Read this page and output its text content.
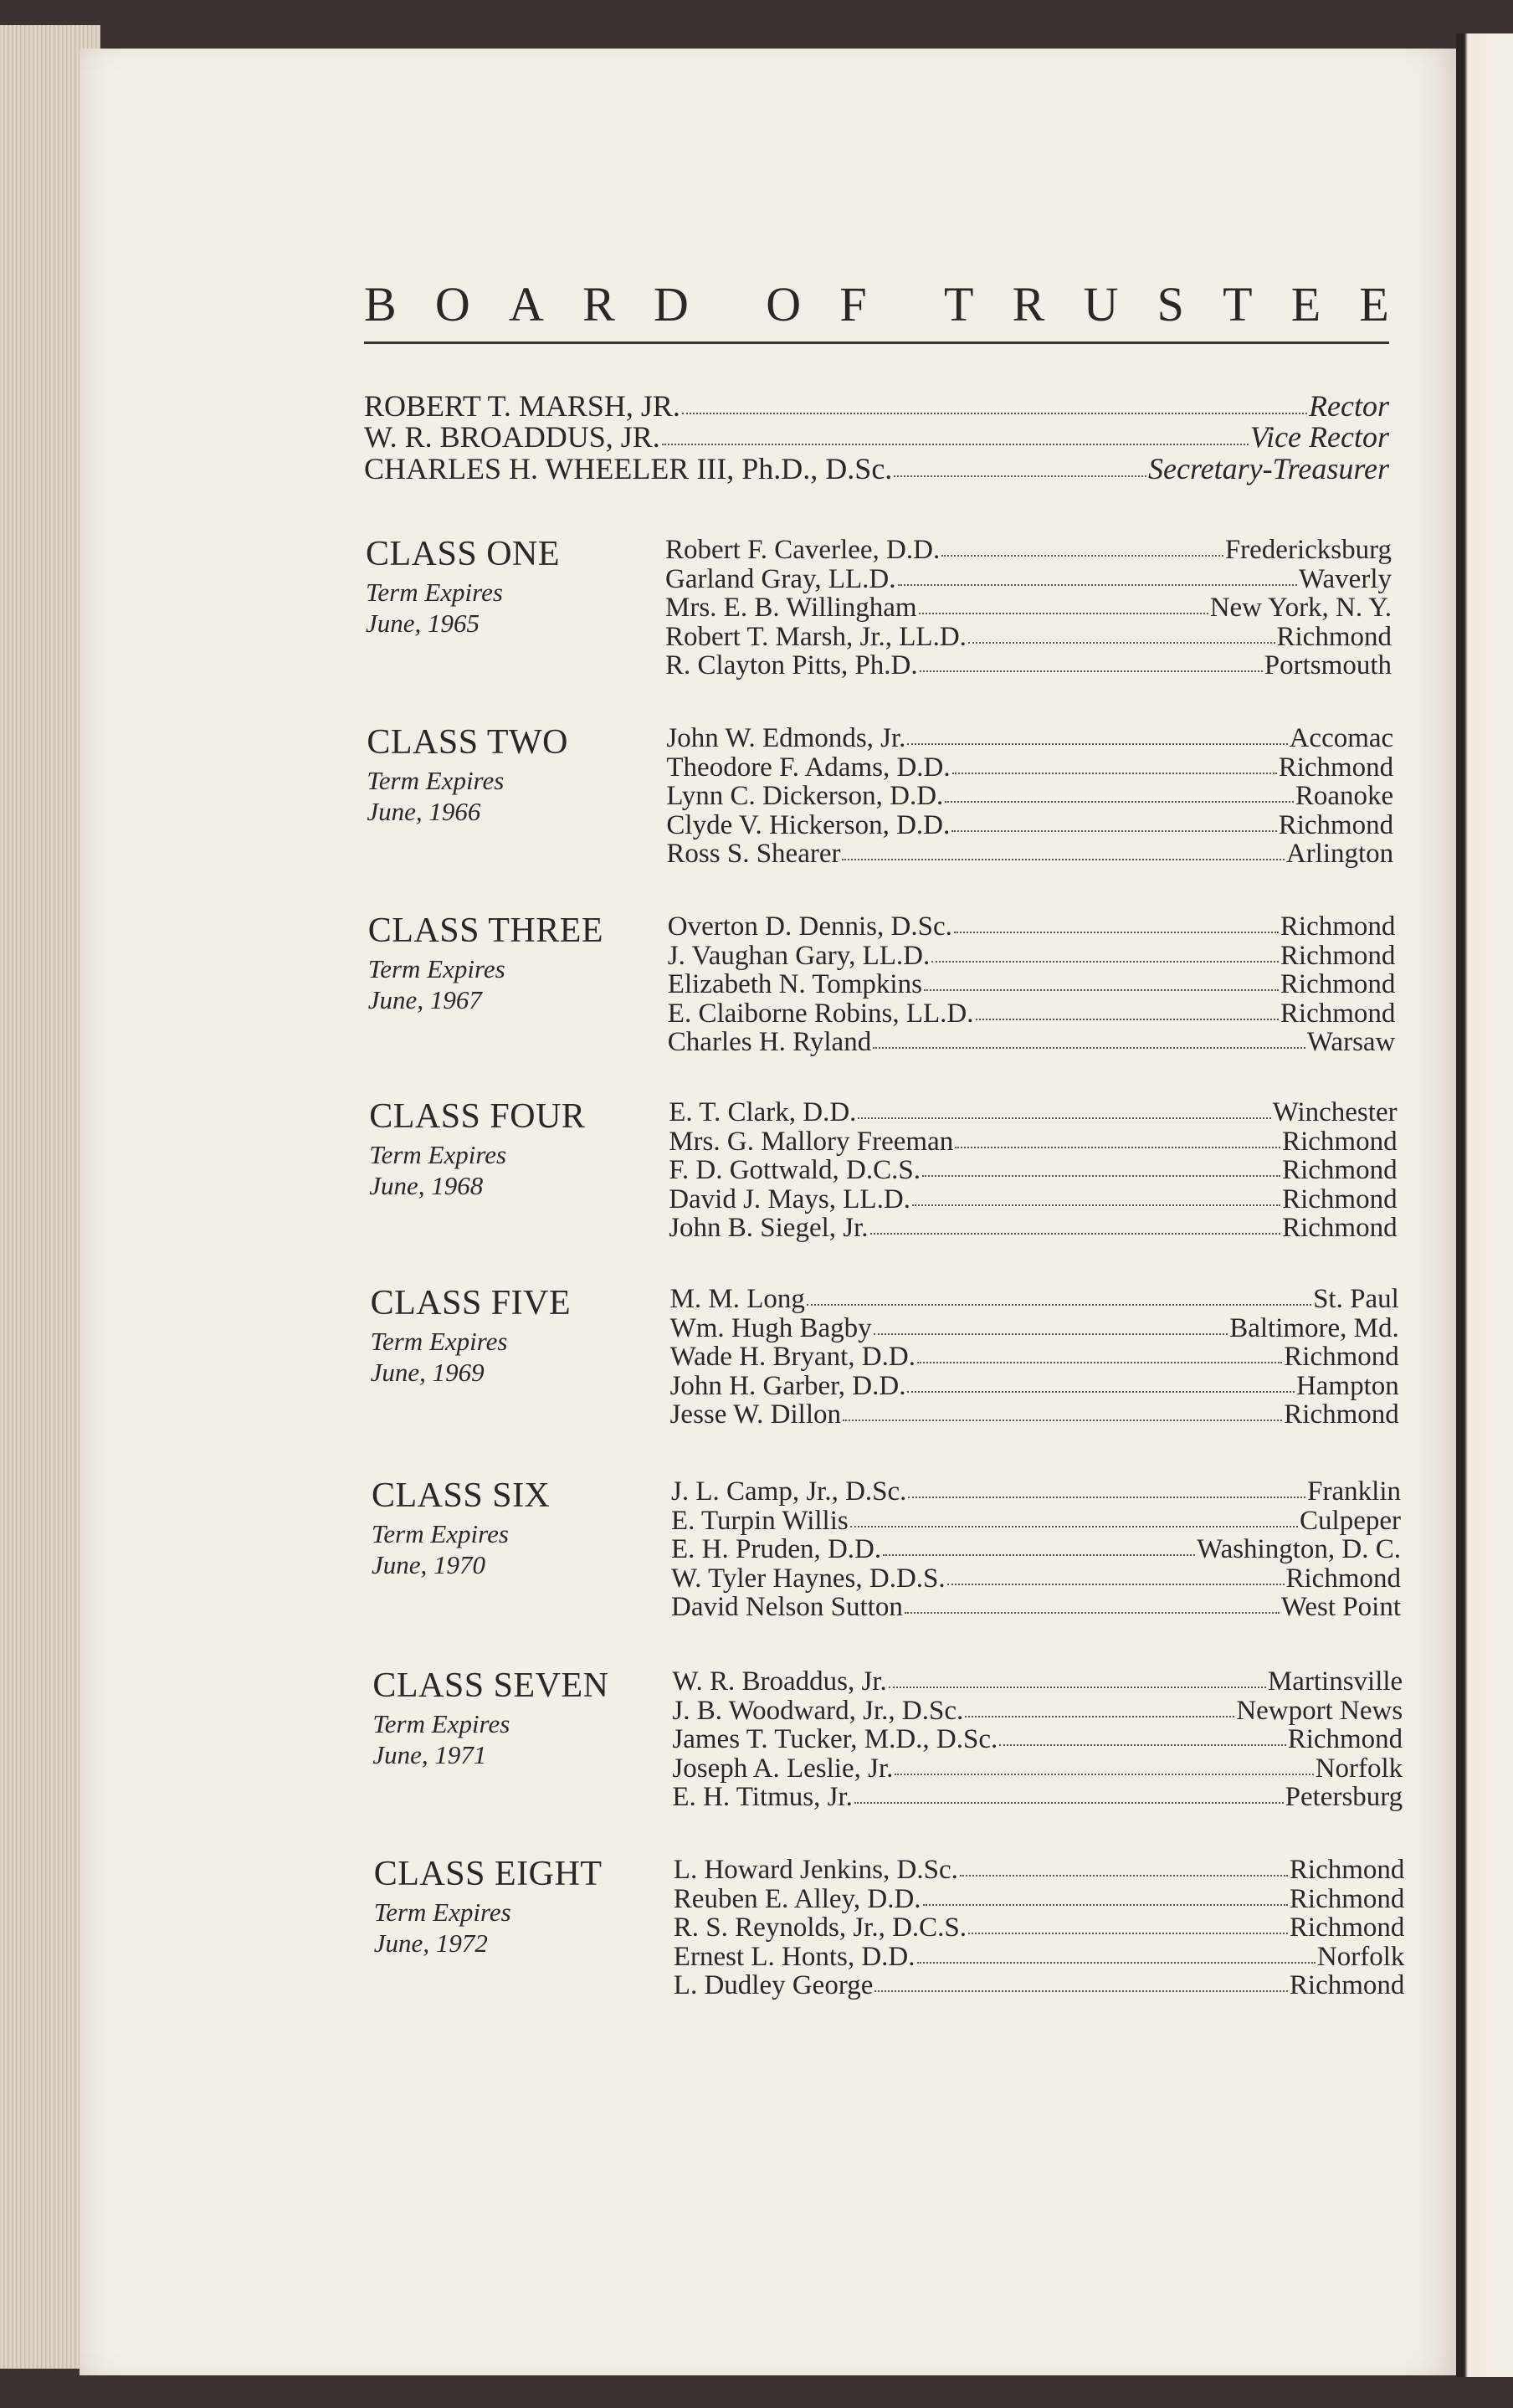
B O A R D O F T R U S T E E
ROBERT T. MARSH, JR.	Rector
W. R. BROADDUS, JR.	Vice Rector
CHARLES H. WHEELER III, Ph.D., D.Sc.	Secretary-Treasurer
CLASS ONE
Term Expires
June, 1965
Robert F. Caverlee, D.D.	Fredericksburg
Garland Gray, LL.D.	Waverly
Mrs. E. B. Willingham	New York, N. Y.
Robert T. Marsh, Jr., LL.D.	Richmond
R. Clayton Pitts, Ph.D.	Portsmouth
CLASS TWO
Term Expires
June, 1966
John W. Edmonds, Jr.	Accomac
Theodore F. Adams, D.D.	Richmond
Lynn C. Dickerson, D.D.	Roanoke
Clyde V. Hickerson, D.D.	Richmond
Ross S. Shearer	Arlington
CLASS THREE
Term Expires
June, 1967
Overton D. Dennis, D.Sc.	Richmond
J. Vaughan Gary, LL.D.	Richmond
Elizabeth N. Tompkins	Richmond
E. Claiborne Robins, LL.D.	Richmond
Charles H. Ryland	Warsaw
CLASS FOUR
Term Expires
June, 1968
E. T. Clark, D.D.	Winchester
Mrs. G. Mallory Freeman	Richmond
F. D. Gottwald, D.C.S.	Richmond
David J. Mays, LL.D.	Richmond
John B. Siegel, Jr.	Richmond
CLASS FIVE
Term Expires
June, 1969
M. M. Long	St. Paul
Wm. Hugh Bagby	Baltimore, Md.
Wade H. Bryant, D.D.	Richmond
John H. Garber, D.D.	Hampton
Jesse W. Dillon	Richmond
CLASS SIX
Term Expires
June, 1970
J. L. Camp, Jr., D.Sc.	Franklin
E. Turpin Willis	Culpeper
E. H. Pruden, D.D.	Washington, D. C.
W. Tyler Haynes, D.D.S.	Richmond
David Nelson Sutton	West Point
CLASS SEVEN
Term Expires
June, 1971
W. R. Broaddus, Jr.	Martinsville
J. B. Woodward, Jr., D.Sc.	Newport News
James T. Tucker, M.D., D.Sc.	Richmond
Joseph A. Leslie, Jr.	Norfolk
E. H. Titmus, Jr.	Petersburg
CLASS EIGHT
Term Expires
June, 1972
L. Howard Jenkins, D.Sc.	Richmond
Reuben E. Alley, D.D.	Richmond
R. S. Reynolds, Jr., D.C.S.	Richmond
Ernest L. Honts, D.D.	Norfolk
L. Dudley George	Richmond
